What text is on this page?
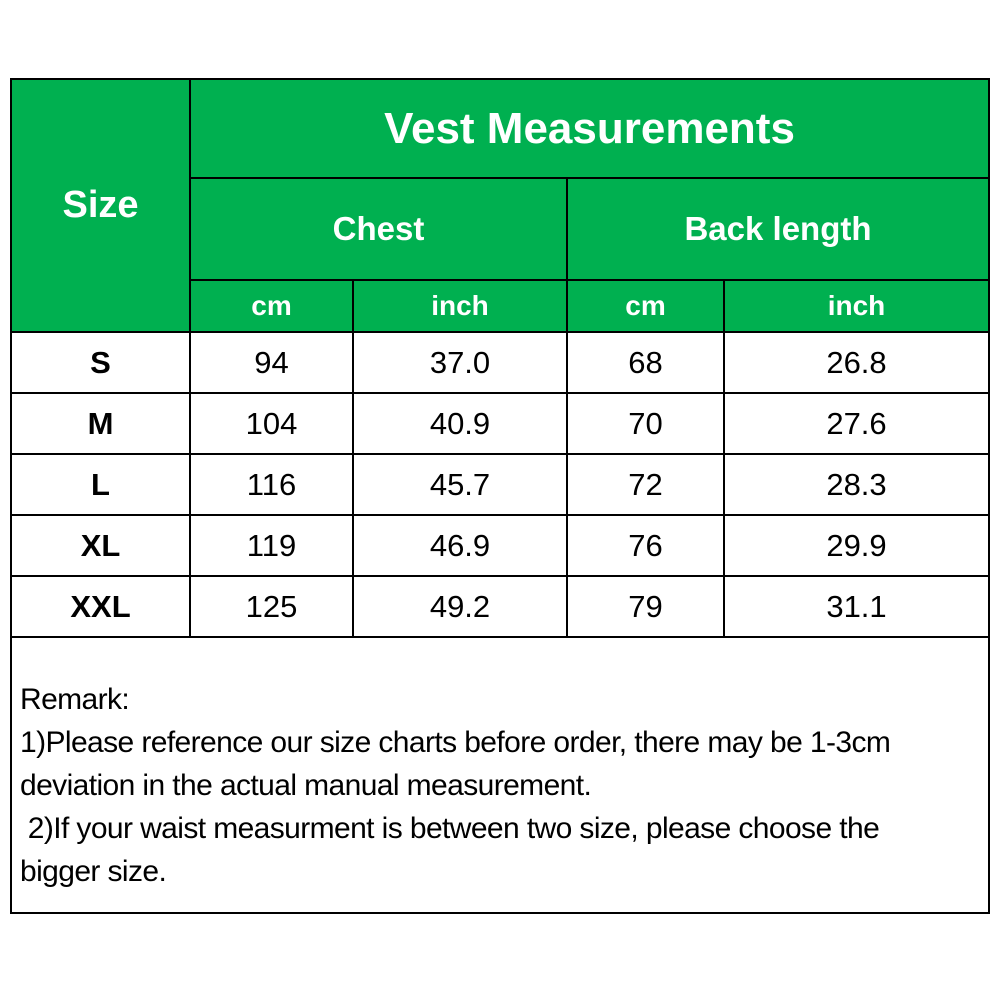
Size	Vest Measurements			
	Chest		Back length	
	cm	inch	cm	inch
S	94	37.0	68	26.8
M	104	40.9	70	27.6
L	116	45.7	72	28.3
XL	119	46.9	76	29.9
XXL	125	49.2	79	31.1
Remark:
1)Please reference our size charts before order, there may be 1-3cm
deviation in the actual manual measurement.
2)If your waist measurment is between two size, please choose the
bigger size.
